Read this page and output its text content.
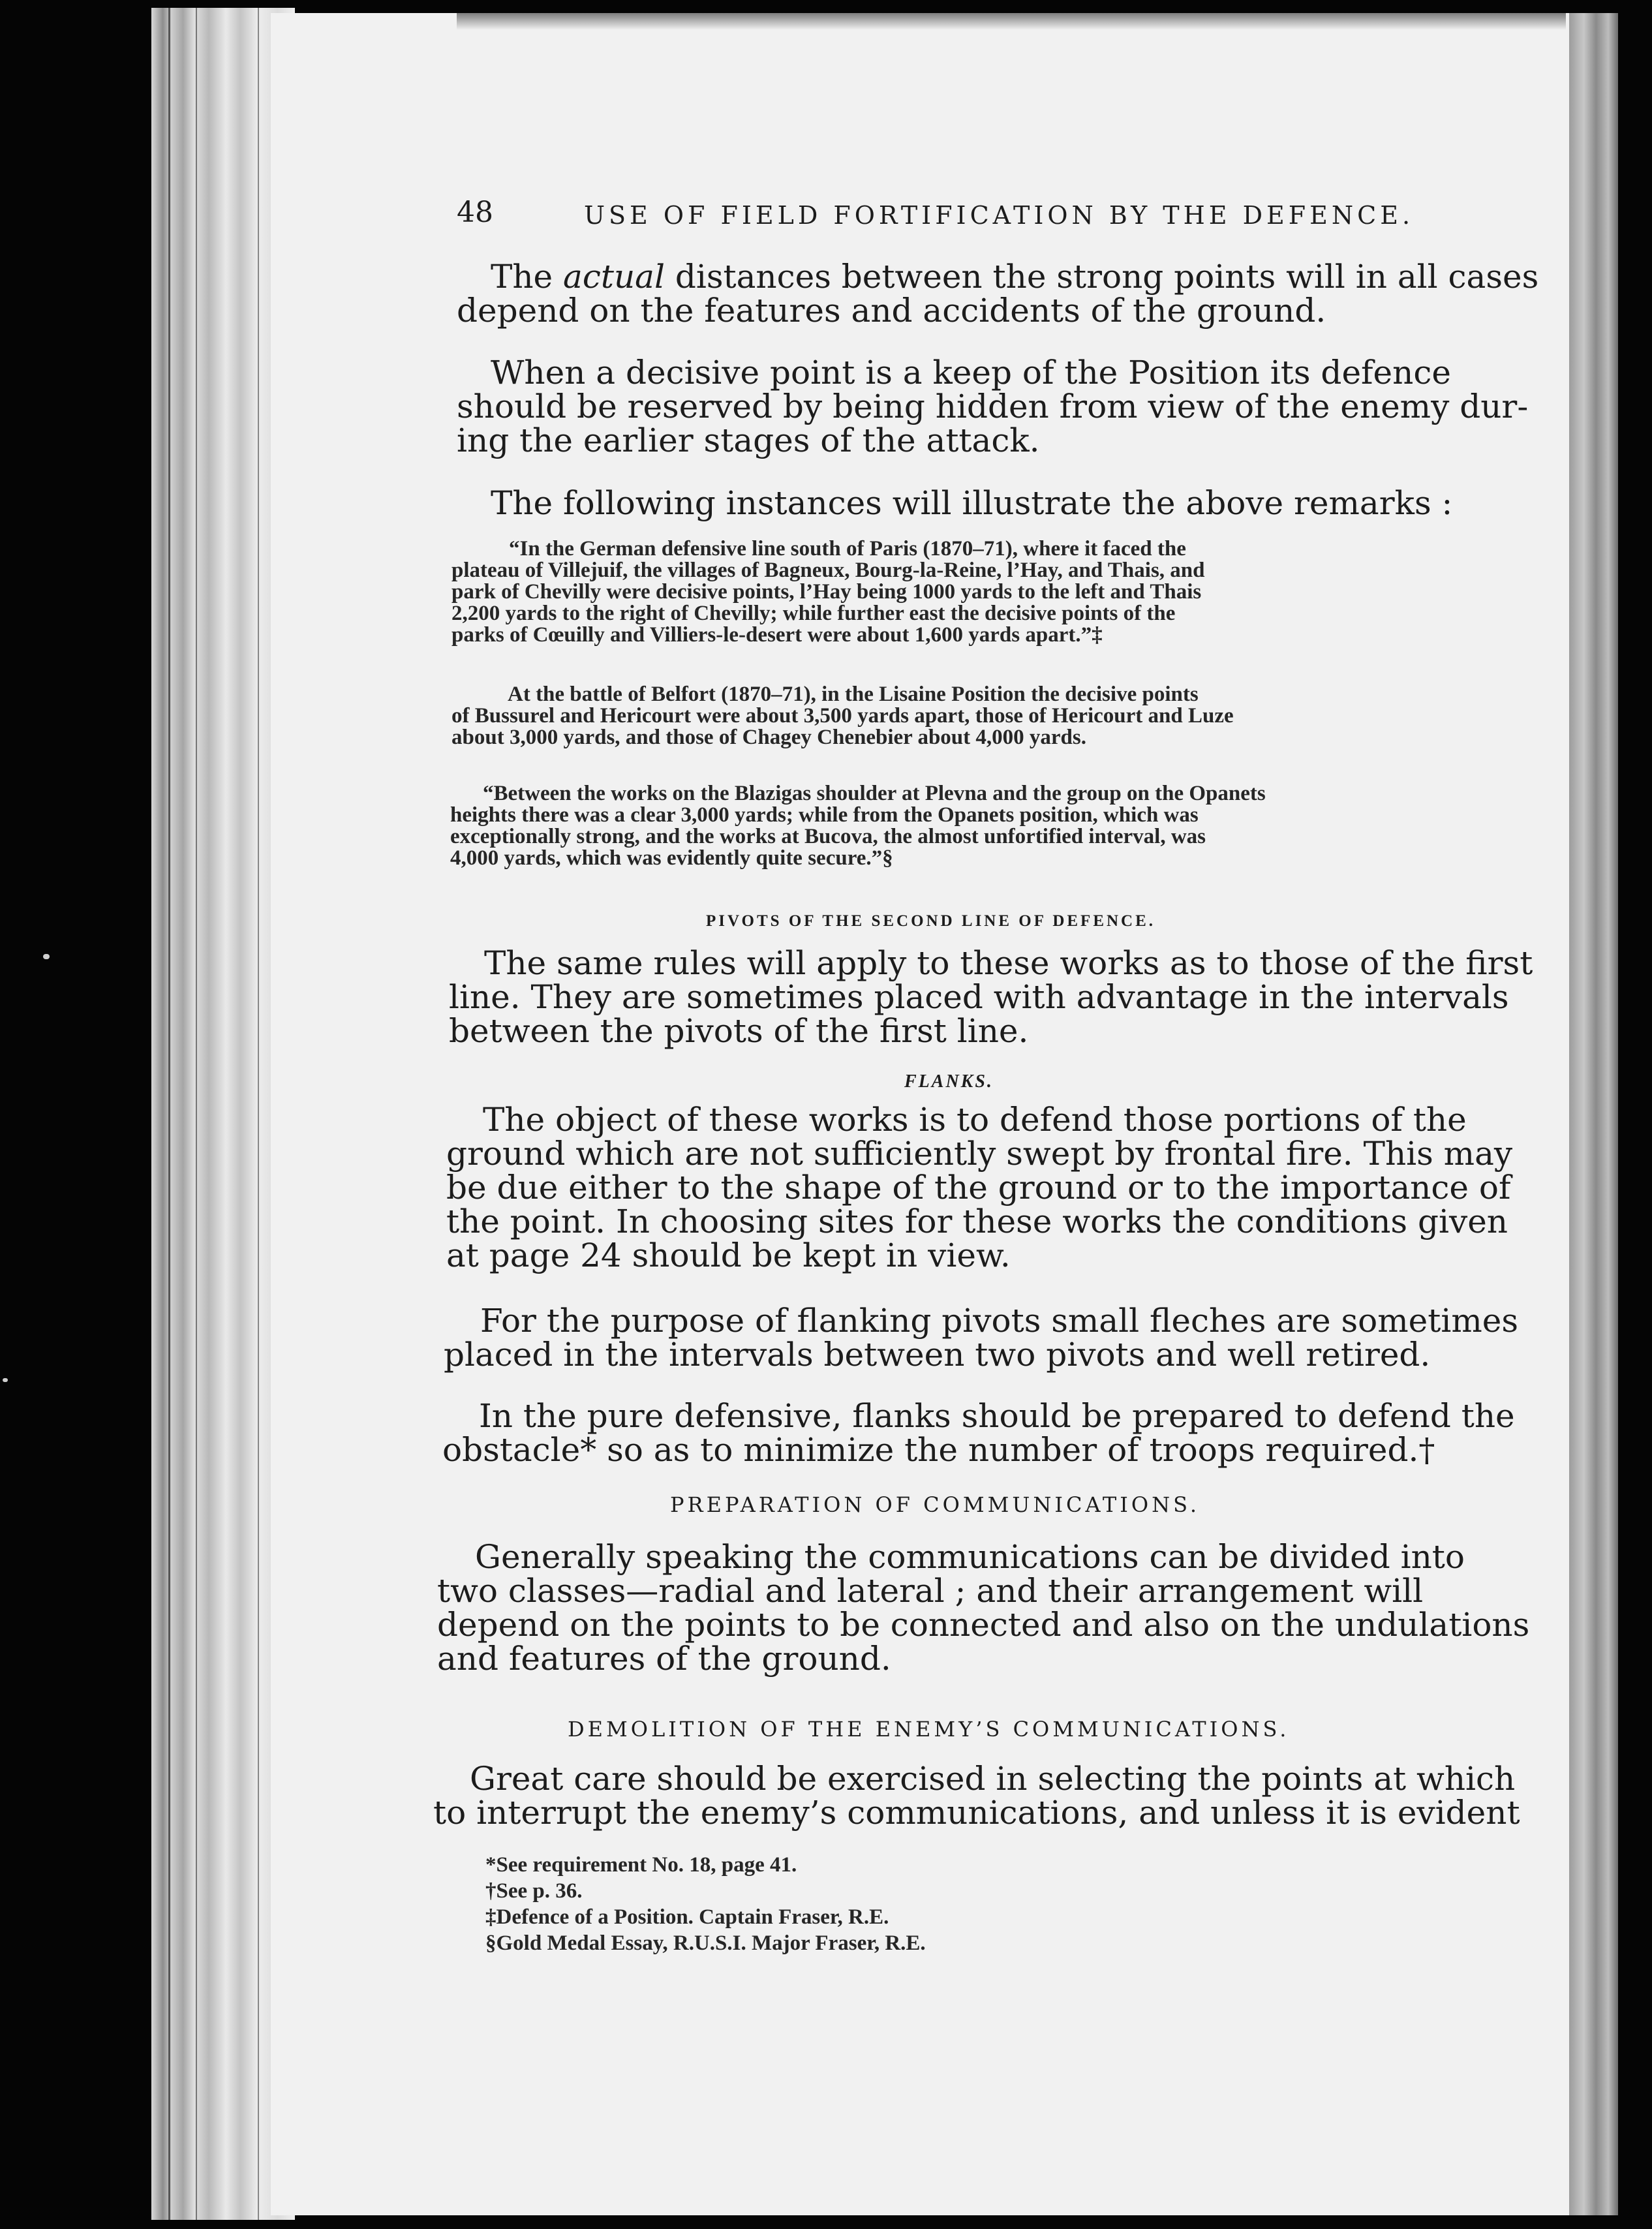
48	USE OF FIELD FORTIFICATION BY THE DEFENCE.
The actual distances between the strong points will in all cases
depend on the features and accidents of the ground.
When a decisive point is a keep of the Position its defence
should be reserved by being hidden from view of the enemy dur-
ing the earlier stages of the attack.
The following instances will illustrate the above remarks :
“In the German defensive line south of Paris (1870–71), where it faced the
plateau of Villejuif, the villages of Bagneux, Bourg-la-Reine, l’Hay, and Thais, and
park of Chevilly were decisive points, l’Hay being 1000 yards to the left and Thais
2,200 yards to the right of Chevilly; while further east the decisive points of the
parks of Cœuilly and Villiers-le-desert were about 1,600 yards apart.”‡
At the battle of Belfort (1870–71), in the Lisaine Position the decisive points
of Bussurel and Hericourt were about 3,500 yards apart, those of Hericourt and Luze
about 3,000 yards, and those of Chagey Chenebier about 4,000 yards.
“Between the works on the Blazigas shoulder at Plevna and the group on the Opanets
heights there was a clear 3,000 yards; while from the Opanets position, which was
exceptionally strong, and the works at Bucova, the almost unfortified interval, was
4,000 yards, which was evidently quite secure.”§
PIVOTS OF THE SECOND LINE OF DEFENCE.
The same rules will apply to these works as to those of the first
line. They are sometimes placed with advantage in the intervals
between the pivots of the first line.
FLANKS.
The object of these works is to defend those portions of the
ground which are not sufficiently swept by frontal fire. This may
be due either to the shape of the ground or to the importance of
the point. In choosing sites for these works the conditions given
at page 24 should be kept in view.
For the purpose of flanking pivots small fleches are sometimes
placed in the intervals between two pivots and well retired.
In the pure defensive, flanks should be prepared to defend the
obstacle* so as to minimize the number of troops required.†
PREPARATION OF COMMUNICATIONS.
Generally speaking the communications can be divided into
two classes—radial and lateral ; and their arrangement will
depend on the points to be connected and also on the undulations
and features of the ground.
DEMOLITION OF THE ENEMY’S COMMUNICATIONS.
Great care should be exercised in selecting the points at which
to interrupt the enemy’s communications, and unless it is evident
*See requirement No. 18, page 41.
†See p. 36.
‡Defence of a Position. Captain Fraser, R.E.
§Gold Medal Essay, R.U.S.I. Major Fraser, R.E.
